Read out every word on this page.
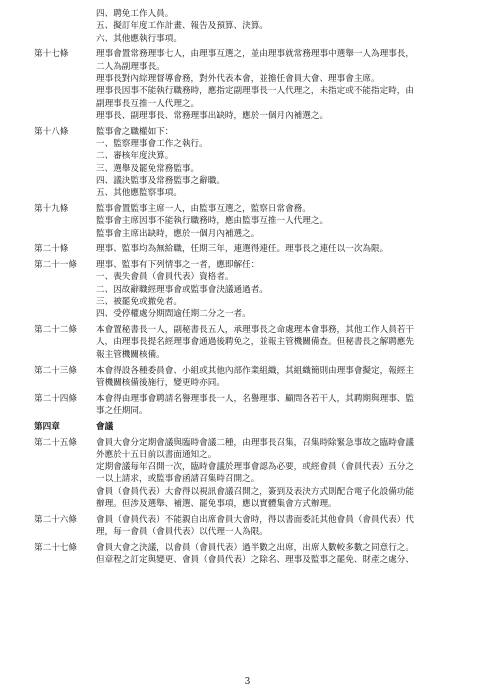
四、聘免工作人員。
五、擬訂年度工作計畫、報告及預算、決算。
六、其他應執行事項。
第十七條	理事會置常務理事七人，由理事互選之，並由理事就常務理事中選舉一人為理事長，
二人為副理事長。
理事長對內綜理督導會務，對外代表本會，並擔任會員大會、理事會主席。
理事長因事不能執行職務時，應指定副理事長一人代理之，未指定或不能指定時，由
副理事長互推一人代理之。
理事長、副理事長、常務理事出缺時，應於一個月內補選之。
第十八條	監事會之職權如下：
一、監察理事會工作之執行。
二、審核年度決算。
三、選舉及罷免常務監事。
四、議決監事及常務監事之辭職。
五、其他應監察事項。
第十九條	監事會置監事主席一人，由監事互選之，監察日常會務。
監事會主席因事不能執行職務時，應由監事互推一人代理之。
監事會主席出缺時，應於一個月內補選之。
第二十條	理事、監事均為無給職，任期三年，連選得連任。理事長之連任以一次為限。
第二十一條	理事、監事有下列情事之一者，應即解任：
一、喪失會員（會員代表）資格者。
二、因故辭職經理事會或監事會決議通過者。
三、被罷免或撤免者。
四、受停權處分期間逾任期二分之一者。
第二十二條	本會置秘書長一人，副秘書長五人，承理事長之命處理本會事務，其他工作人員若干
人，由理事長提名經理事會通過後聘免之，並報主管機關備查。但秘書長之解聘應先
報主管機關核備。
第二十三條	本會得設各種委員會、小組或其他內部作業組織，其組織簡則由理事會擬定，報經主
管機關核備後施行，變更時亦同。
第二十四條	本會得由理事會聘請名譽理事長一人，名譽理事、顧問各若干人，其聘期與理事、監
事之任期同。
第四章	會議
第二十五條	會員大會分定期會議與臨時會議二種，由理事長召集，召集時除緊急事故之臨時會議
外應於十五日前以書面通知之。
定期會議每年召開一次，臨時會議於理事會認為必要，或經會員（會員代表）五分之
一以上請求，或監事會函請召集時召開之。
會員（會員代表）大會得以視訊會議召開之，簽到及表決方式則配合電子化設備功能
辦理。但涉及選舉、補選、罷免事項，應以實體集會方式辦理。
第二十六條	會員（會員代表）不能親自出席會員大會時，得以書面委託其他會員（會員代表）代
理，每一會員（會員代表）以代理一人為限。
第二十七條	會員大會之決議，以會員（會員代表）過半數之出席，出席人數較多數之同意行之。
但章程之訂定與變更、會員（會員代表）之除名、理事及監事之罷免、財產之處分、
3
